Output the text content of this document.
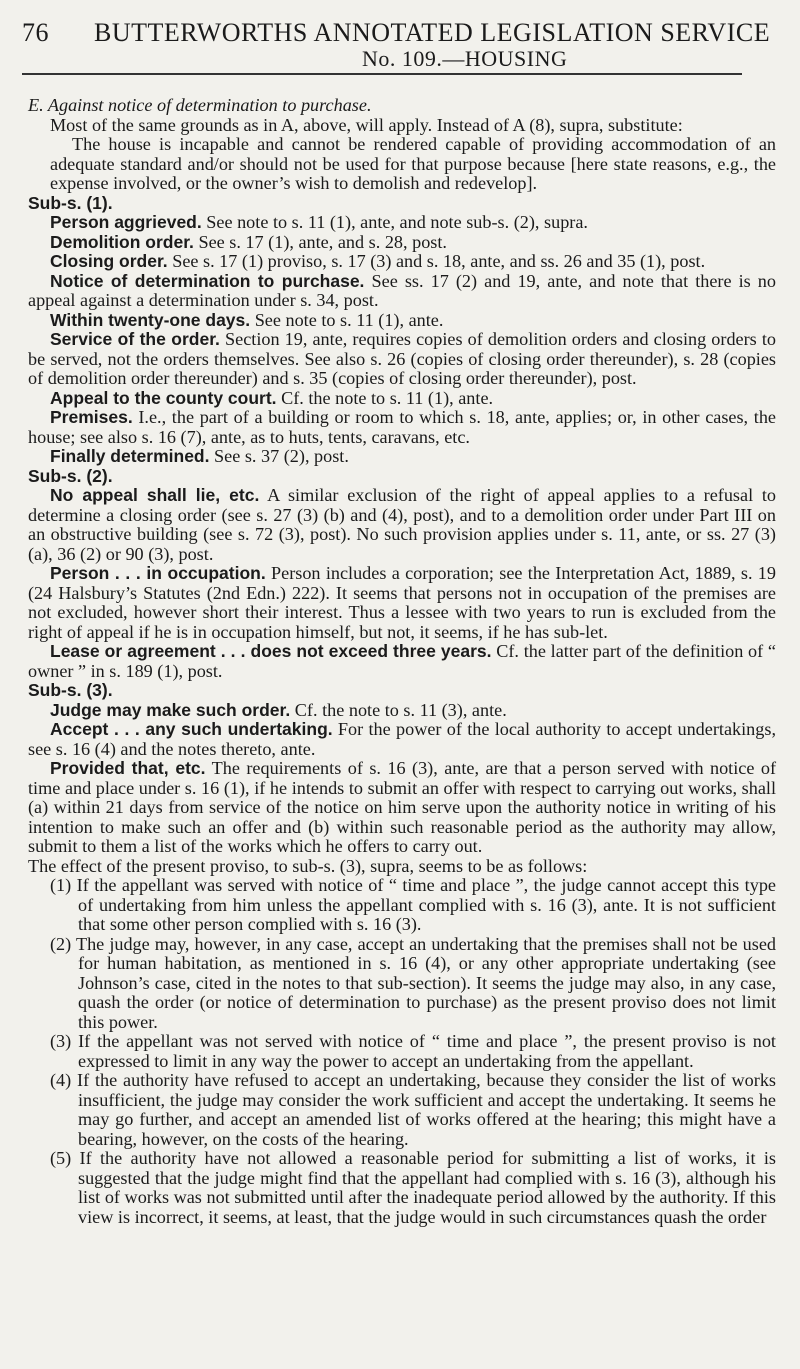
76 BUTTERWORTHS ANNOTATED LEGISLATION SERVICE
No. 109.—HOUSING

E. Against notice of determination to purchase.

Most of the same grounds as in A, above, will apply. Instead of A (8), supra, substitute:

The house is incapable and cannot be rendered capable of providing accommodation of an adequate standard and/or should not be used for that purpose because [here state reasons, e.g., the expense involved, or the owner’s wish to demolish and redevelop].

Sub-s. (1).

Person aggrieved. See note to s. 11 (1), ante, and note sub-s. (2), supra.

Demolition order. See s. 17 (1), ante, and s. 28, post.

Closing order. See s. 17 (1) proviso, s. 17 (3) and s. 18, ante, and ss. 26 and 35 (1), post.

Notice of determination to purchase. See ss. 17 (2) and 19, ante, and note that there is no appeal against a determination under s. 34, post.

Within twenty-one days. See note to s. 11 (1), ante.

Service of the order. Section 19, ante, requires copies of demolition orders and closing orders to be served, not the orders themselves. See also s. 26 (copies of closing order thereunder), s. 28 (copies of demolition order thereunder) and s. 35 (copies of closing order thereunder), post.

Appeal to the county court. Cf. the note to s. 11 (1), ante.

Premises. I.e., the part of a building or room to which s. 18, ante, applies; or, in other cases, the house; see also s. 16 (7), ante, as to huts, tents, caravans, etc.

Finally determined. See s. 37 (2), post.

Sub-s. (2).

No appeal shall lie, etc. A similar exclusion of the right of appeal applies to a refusal to determine a closing order (see s. 27 (3) (b) and (4), post), and to a demolition order under Part III on an obstructive building (see s. 72 (3), post). No such provision applies under s. 11, ante, or ss. 27 (3) (a), 36 (2) or 90 (3), post.

Person . . . in occupation. Person includes a corporation; see the Interpretation Act, 1889, s. 19 (24 Halsbury’s Statutes (2nd Edn.) 222). It seems that persons not in occupation of the premises are not excluded, however short their interest. Thus a lessee with two years to run is excluded from the right of appeal if he is in occupation himself, but not, it seems, if he has sub-let.

Lease or agreement . . . does not exceed three years. Cf. the latter part of the definition of “ owner ” in s. 189 (1), post.

Sub-s. (3).

Judge may make such order. Cf. the note to s. 11 (3), ante.

Accept . . . any such undertaking. For the power of the local authority to accept undertakings, see s. 16 (4) and the notes thereto, ante.

Provided that, etc. The requirements of s. 16 (3), ante, are that a person served with notice of time and place under s. 16 (1), if he intends to submit an offer with respect to carrying out works, shall (a) within 21 days from service of the notice on him serve upon the authority notice in writing of his intention to make such an offer and (b) within such reasonable period as the authority may allow, submit to them a list of the works which he offers to carry out.

The effect of the present proviso, to sub-s. (3), supra, seems to be as follows:

(1) If the appellant was served with notice of “ time and place ”, the judge cannot accept this type of undertaking from him unless the appellant complied with s. 16 (3), ante. It is not sufficient that some other person complied with s. 16 (3).

(2) The judge may, however, in any case, accept an undertaking that the premises shall not be used for human habitation, as mentioned in s. 16 (4), or any other appropriate undertaking (see Johnson’s case, cited in the notes to that sub-section). It seems the judge may also, in any case, quash the order (or notice of determination to purchase) as the present proviso does not limit this power.

(3) If the appellant was not served with notice of “ time and place ”, the present proviso is not expressed to limit in any way the power to accept an undertaking from the appellant.

(4) If the authority have refused to accept an undertaking, because they consider the list of works insufficient, the judge may consider the work sufficient and accept the undertaking. It seems he may go further, and accept an amended list of works offered at the hearing; this might have a bearing, however, on the costs of the hearing.

(5) If the authority have not allowed a reasonable period for submitting a list of works, it is suggested that the judge might find that the appellant had complied with s. 16 (3), although his list of works was not submitted until after the inadequate period allowed by the authority. If this view is incorrect, it seems, at least, that the judge would in such circumstances quash the order
